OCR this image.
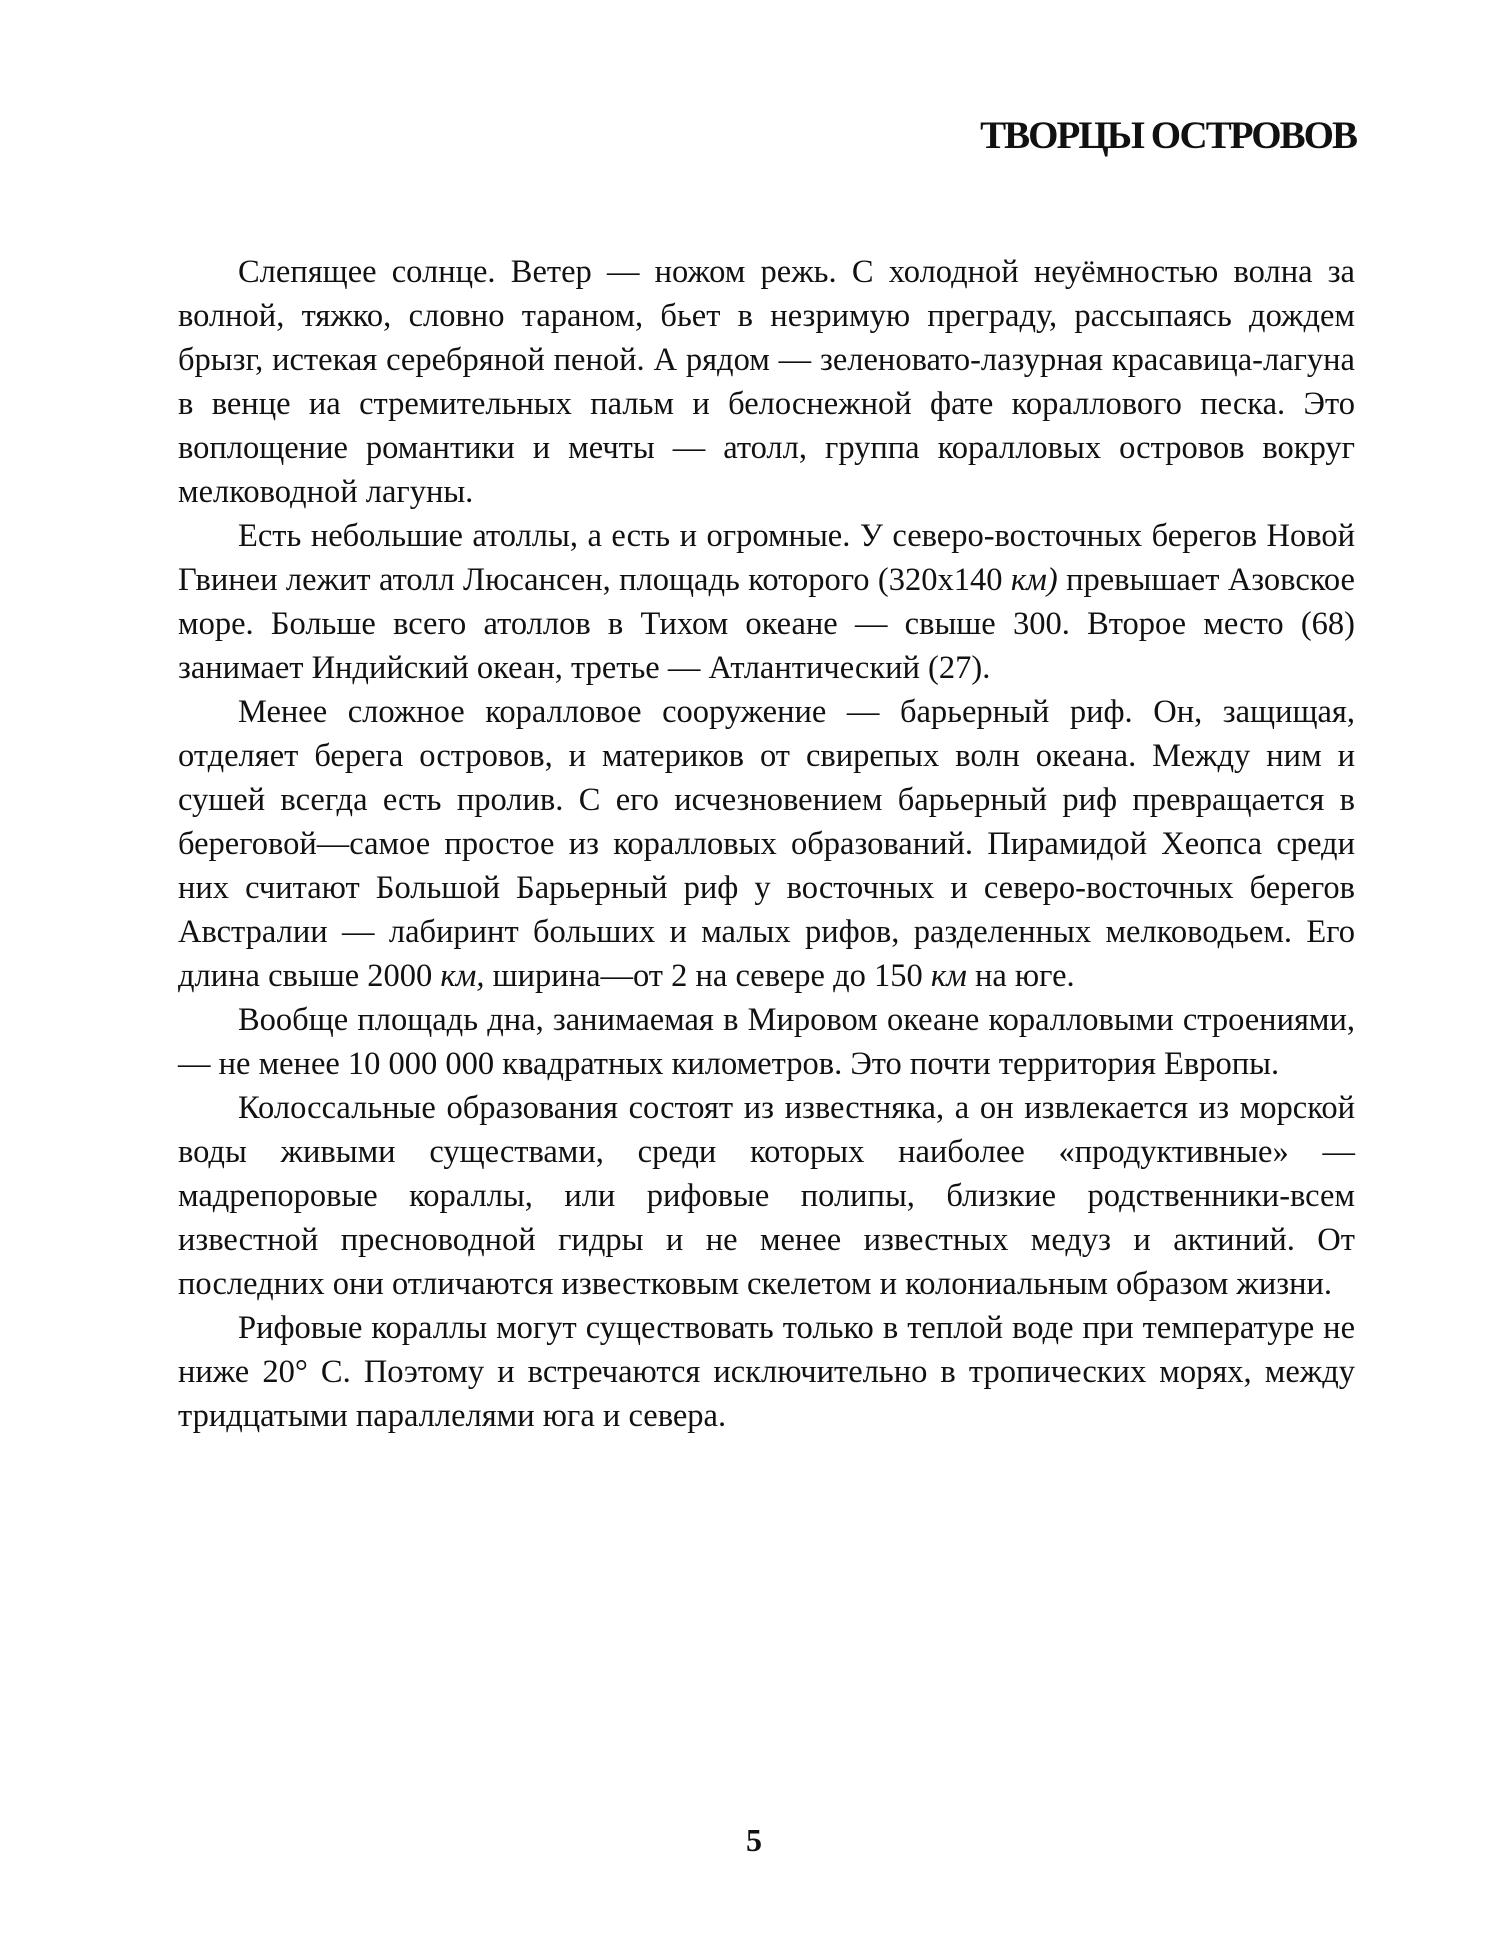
ТВОРЦЫ ОСТРОВОВ

Слепящее солнце. Ветер — ножом режь. С холодной неуёмностью волна за волной, тяжко, словно тараном, бьет в незримую преграду, рассыпаясь дождем брызг, истекая серебряной пеной. А рядом — зеленовато-лазурная красавица-лагуна в венце иа стремительных пальм и белоснежной фате кораллового песка. Это воплощение романтики и мечты — атолл, группа коралловых островов вокруг мелководной лагуны.

Есть небольшие атоллы, а есть и огромные. У северо-восточных берегов Новой Гвинеи лежит атолл Люсансен, площадь которого (320x140 км) превышает Азовское море. Больше всего атоллов в Тихом океане — свыше 300. Второе место (68) занимает Индийский океан, третье — Атлантический (27).

Менее сложное коралловое сооружение — барьерный риф. Он, защищая, отделяет берега островов, и материков от свирепых волн океана. Между ним и сушей всегда есть пролив. С его исчезновением барьерный риф превращается в береговой—самое простое из коралловых образований. Пирамидой Хеопса среди них считают Большой Барьерный риф у восточных и северо-восточных берегов Австралии — лабиринт больших и малых рифов, разделенных мелководьем. Его длина свыше 2000 км, ширина—от 2 на севере до 150 км на юге.

Вообще площадь дна, занимаемая в Мировом океане коралловыми строениями,— не менее 10 000 000 квадратных километров. Это почти территория Европы.

Колоссальные образования состоят из известняка, а он извлекается из морской воды живыми существами, среди которых наиболее «продуктивные» — мадрепоровые кораллы, или рифовые полипы, близкие родственники-всем известной пресноводной гидры и не менее известных медуз и актиний. От последних они отличаются известковым скелетом и колониальным образом жизни.

Рифовые кораллы могут существовать только в теплой воде при температуре не ниже 20° С. Поэтому и встречаются исключительно в тропических морях, между тридцатыми параллелями юга и севера.

5
